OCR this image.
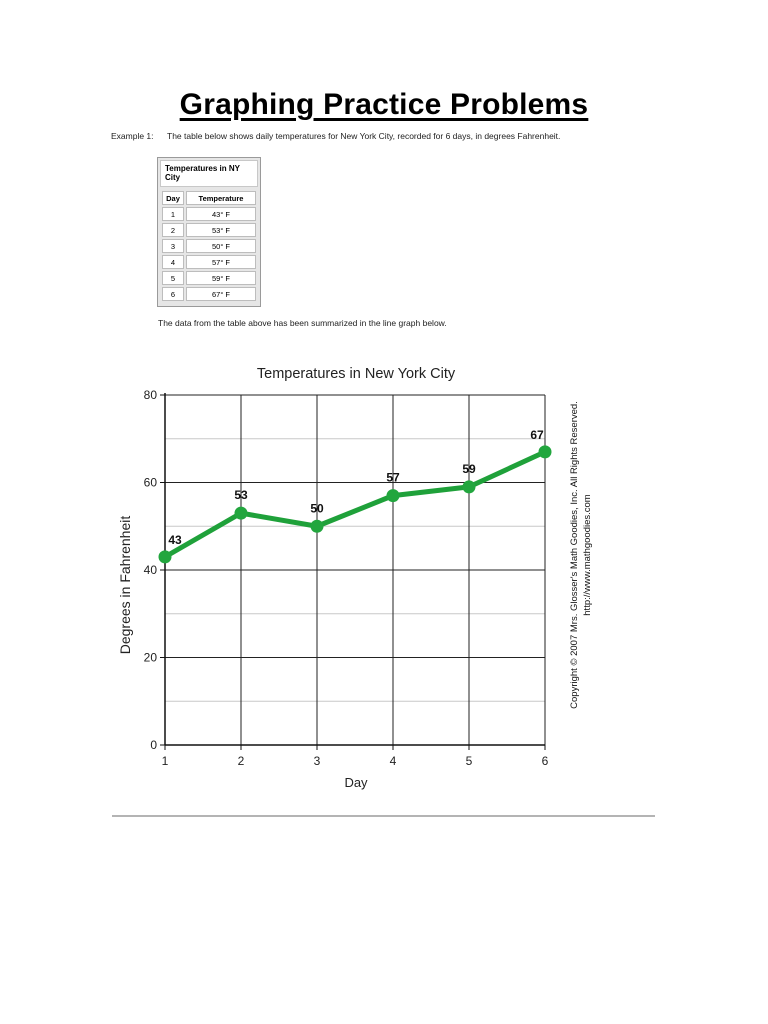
Graphing Practice Problems
Example 1: The table below shows daily temperatures for New York City, recorded for 6 days, in degrees Fahrenheit.
Temperatures in NY City
Day	Temperature
1	43° F
2	53° F
3	50° F
4	57° F
5	59° F
6	67° F
The data from the table above has been summarized in the line graph below.
Temperatures in New York City
Degrees in Fahrenheit
Day
0
20
40
60
80
1	2	3	4	5	6
43
53
50
57
59
67	Copyright © 2007 Mrs. Glosser's Math Goodies, Inc. All Rights Reserved. http://www.mathgoodies.com
